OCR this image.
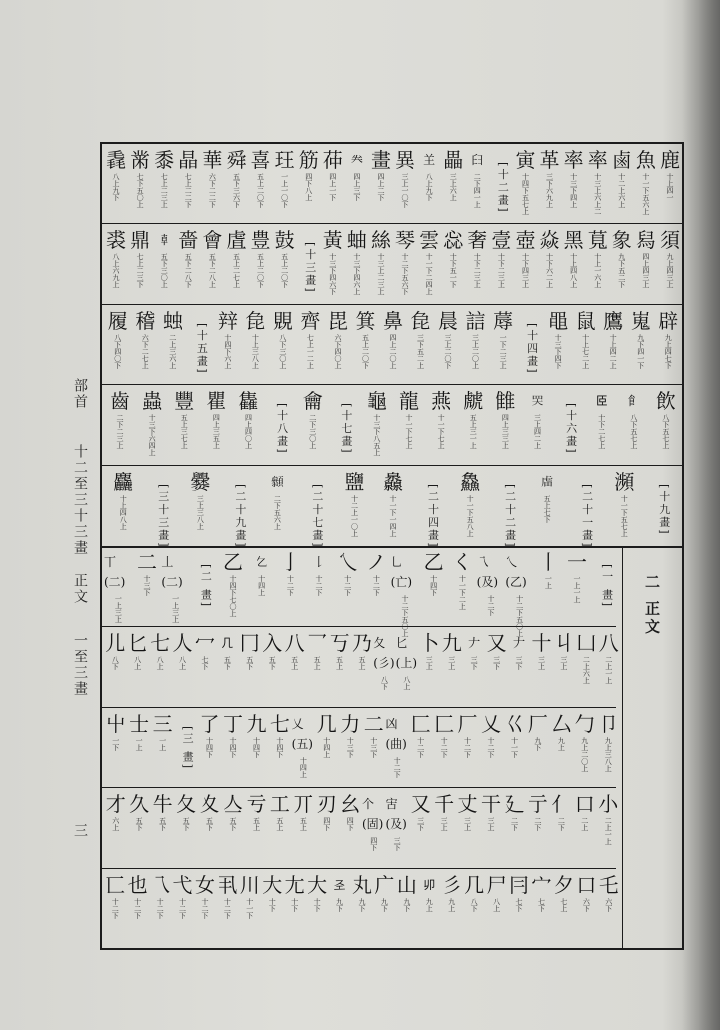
部首
十二至三十三畫
正文
一至三畫
三
鹿
十上四一
魚
十一下五六上
鹵
十二上六上
率
十三上六上二
率
十三下四上
革
三下六九上
寅
十四下五七上
[十二畫]
𦥑
二下四一上
畾
三上六上
𦍌
八上九下
異
三上一〇下
畫
四上二下
𠔉
四上三下
茽
四上一下
筋
四下八上
玨
一上一〇下
喜
五上二〇下
舜
五下三六下
華
六下二二下
晶
七上二二下
黍
七上二三上
黹
七下五〇上
毳
八上九下
須
九上四三上
舄
四上四三上
象
九下五二下
萈
十上一六上
黑
十上四八上
焱
十下六二上
壺
十下四三上
壹
十下二三上
奢
十下二三上
惢
十下五一下
雲
十一下二四上
琴
十二下五六下
絲
十三上二三上
蚰
十三下四六上
黃
十三下四六下
[十三畫]
鼓
五上二〇下
豊
五上二〇下
虘
五上二七上
會
五下二八上
嗇
五下二八下
𠦝
五下三〇上
鼎
七上二三下
裘
八上六九上
辟
九上四七下
嵬
九下四一下
鷹
十上四二上
鼠
十上七二上
黽
十三下四下
[十四畫]
蓐
一下二三上
誩
三上二〇上
晨
三上二〇下
㲋
三下五二上
鼻
四上二〇上
箕
五上二〇下
毘
六下四〇上
齊
七上一二上
覞
八下三〇上
㲋
十上三八上
辡
十四下六上
[十五畫]
䖵
二上三六上
稽
六下二七上
履
八下四〇下
飲
八下五七上
𩙿
八下五七上
𦣞
十下二七上
[十六畫]
𦉼
三上四二上
雔
四上三三上
虤
五上三一上
燕
十一下七上
龍
十一下七上
龜
十三下八五上
[十七畫]
龠
二下三〇上
[十八畫]
雥
四上四〇上
瞿
四上三五上
豐
五上三七上
蟲
十三下六四上
齒
二下二三上
[十九畫]
瀕
十一下五七上
[二十一畫]
𧆨
五上七下
[二十二畫]
鱻
十一下五八上
[二十四畫]
灥
十一下一四上
鹽
十二上一〇上
[二十七畫]
𩕞
二下五六上
[二十九畫]
爨
三上三八上
[三十三畫]
麤
十上四八上
二 正文
[一 畫]
一
一上一上
丨
一上
乀(乙)
十二下五〇上
乁(及)
十二下
く
十一下二上
乙
十四下
乚(亡)
十二下五〇上
ノ
十二下
乀
十二下
𠄌
十二下
亅
十二下
𠃉
十四上
乙
十四下七〇上
[二 畫]
丄(二)
一上三上
二
十三下
丅(二)
一上三上
八
二上一上
凵
二上六上
丩
三上
十
三上
𠂇
三下
又
三下
𠂇
三下
九
三上
卜
三上
匕(上)
八上
夂(彡)
八下
乃
五上
丂
五上
乛
五上
八
五上
入
五下
冂
五下
𠘧
五下
冖
七下
人
八上
七
八上
匕
八上
儿
八下
卩
九上三八上
勹
九上二〇上
厶
九上
厂
九下
巜
十一下
乂
十二下
厂
十二下
匚
十二下
匚
十二下
凶(曲)
十二下
二
十三下
力
十三下
几
十四上
乂(五)
十四上
七
十四下
九
十四下
丁
十四下
了
十四下
[三 畫]
三
一上
士
一上
屮
一下
小
二上一上
口
二上
亻
二下
亍
二下
廴
二下
干
三上
丈
三上
千
三上
又
三下
㝒(及)
三下
个(固)
四下
幺
四下
刃
四下
丌
五上
工
五上
亏
五上
亼
五下
夊
五下
夂
五下
牛
五下
久
五下
才
六上
乇
六下
口
六下
夕
七上
宀
七下
冃
七下
尸
八上
几
八下
彡
九上
𠨍
九上
山
九下
广
九下
丸
九下
𢀖
九下
大
十下
尢
十下
大
十下
川
十一下
丮
十二下
女
十二下
弋
十二下
乁
十二下
也
十二下
匸
十二下
